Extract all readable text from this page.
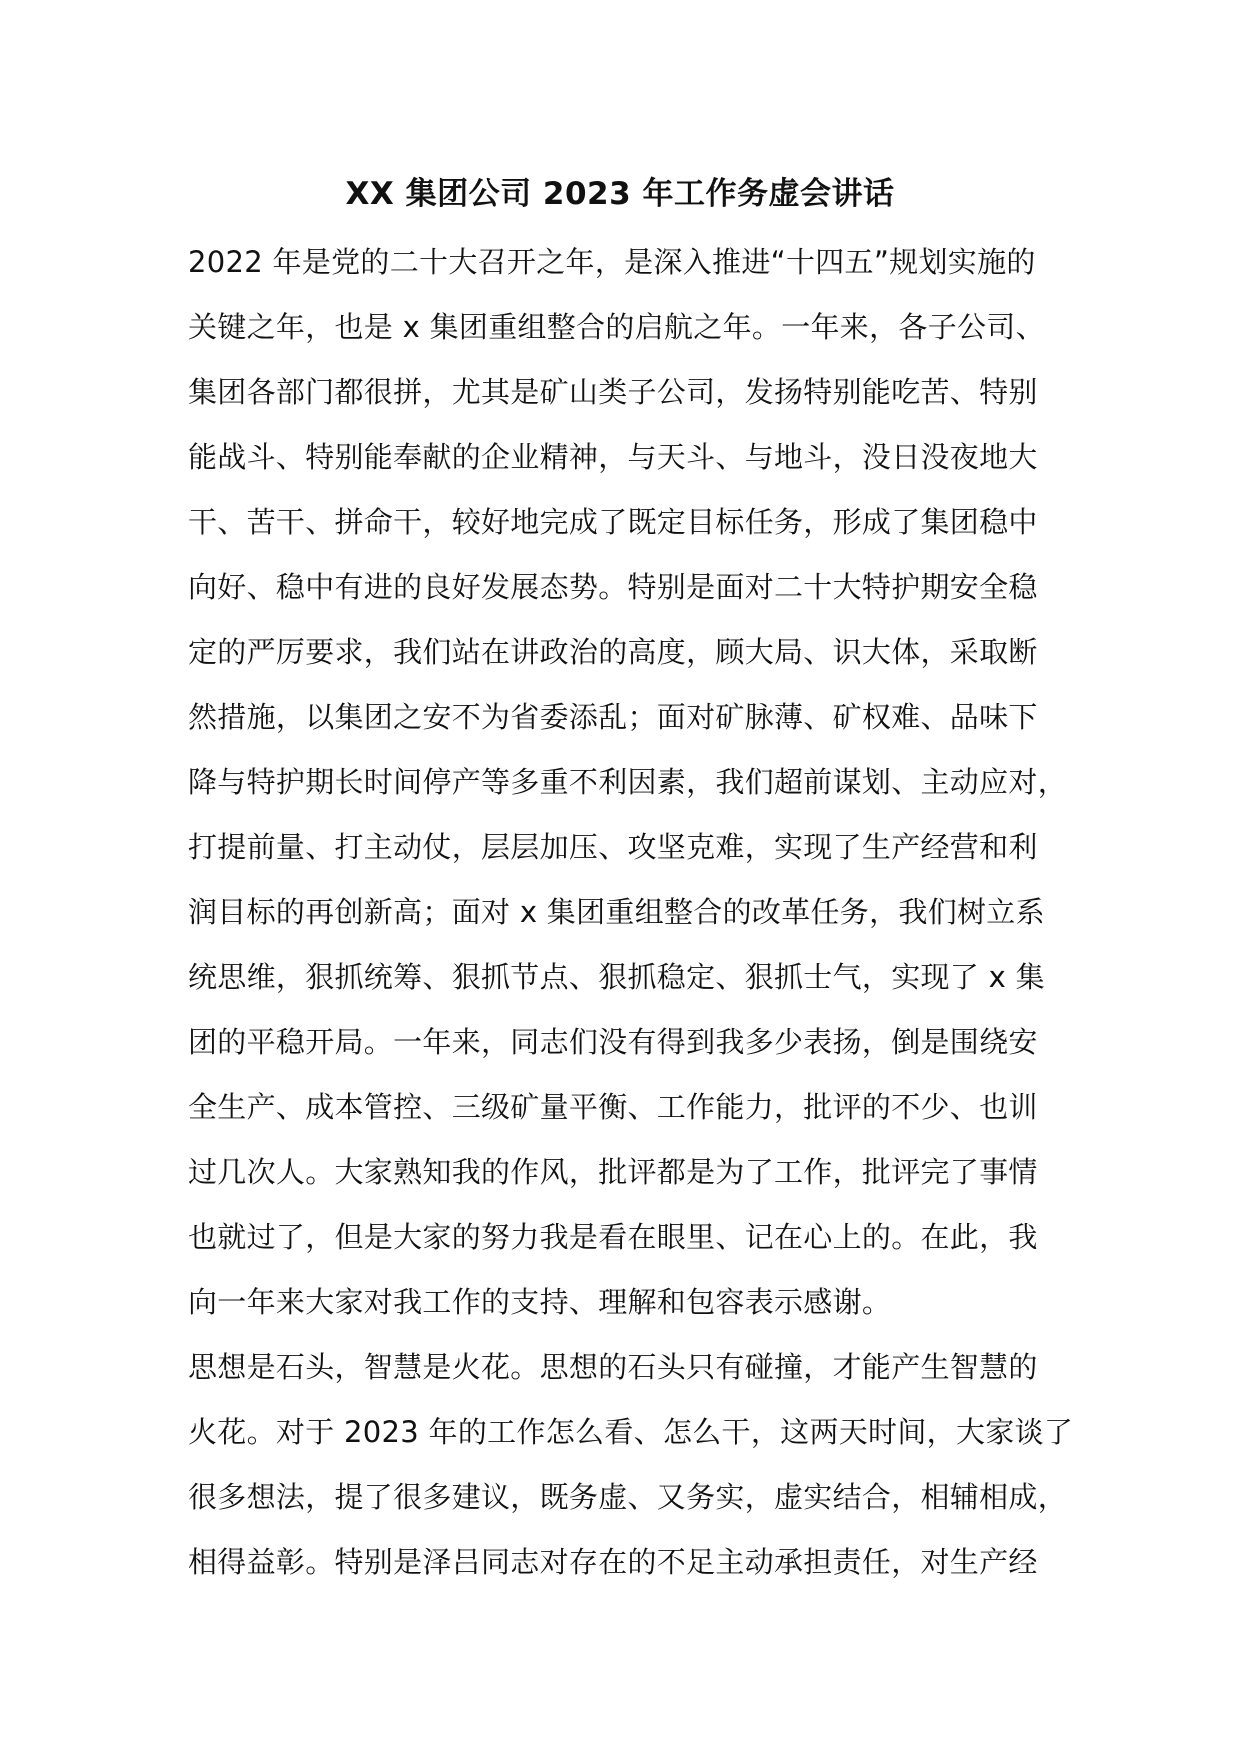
XX 集团公司 2023 年工作务虚会讲话
2022 年是党的二十大召开之年，是深入推进“十四五”规划实施的
关键之年，也是 x 集团重组整合的启航之年。一年来，各子公司、
集团各部门都很拼，尤其是矿山类子公司，发扬特别能吃苦、特别
能战斗、特别能奉献的企业精神，与天斗、与地斗，没日没夜地大
干、苦干、拼命干，较好地完成了既定目标任务，形成了集团稳中
向好、稳中有进的良好发展态势。特别是面对二十大特护期安全稳
定的严厉要求，我们站在讲政治的高度，顾大局、识大体，采取断
然措施，以集团之安不为省委添乱；面对矿脉薄、矿权难、品味下
降与特护期长时间停产等多重不利因素，我们超前谋划、主动应对，
打提前量、打主动仗，层层加压、攻坚克难，实现了生产经营和利
润目标的再创新高；面对 x 集团重组整合的改革任务，我们树立系
统思维，狠抓统筹、狠抓节点、狠抓稳定、狠抓士气，实现了 x 集
团的平稳开局。一年来，同志们没有得到我多少表扬，倒是围绕安
全生产、成本管控、三级矿量平衡、工作能力，批评的不少、也训
过几次人。大家熟知我的作风，批评都是为了工作，批评完了事情
也就过了，但是大家的努力我是看在眼里、记在心上的。在此，我
向一年来大家对我工作的支持、理解和包容表示感谢。
思想是石头，智慧是火花。思想的石头只有碰撞，才能产生智慧的
火花。对于 2023 年的工作怎么看、怎么干，这两天时间，大家谈了
很多想法，提了很多建议，既务虚、又务实，虚实结合，相辅相成，
相得益彰。特别是泽吕同志对存在的不足主动承担责任，对生产经
